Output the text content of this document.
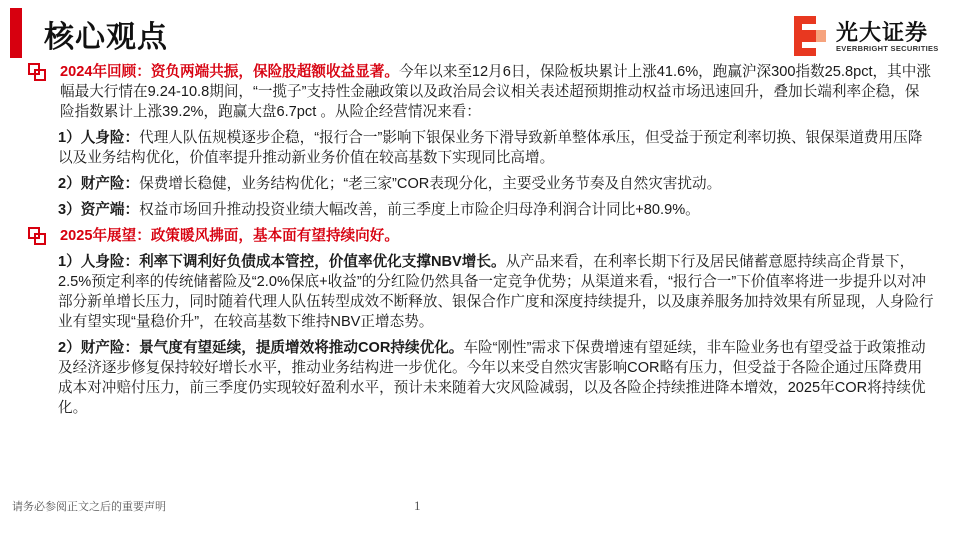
核心观点	光大证券
EVERBRIGHT SECURITIES

2024年回顾：资负两端共振，保险股超额收益显著。今年以来至12月6日，保险板块累计上涨41.6%，跑赢沪深300指数25.8pct，其中涨幅最大行情在9.24-10.8期间，“一揽子”支持性金融政策以及政治局会议相关表述超预期推动权益市场迅速回升，叠加长端利率企稳，保险指数累计上涨39.2%，跑赢大盘6.7pct 。从险企经营情况来看：

1）人身险：代理人队伍规模逐步企稳，“报行合一”影响下银保业务下滑导致新单整体承压，但受益于预定利率切换、银保渠道费用压降以及业务结构优化，价值率提升推动新业务价值在较高基数下实现同比高增。

2）财产险：保费增长稳健，业务结构优化；“老三家”COR表现分化，主要受业务节奏及自然灾害扰动。

3）资产端：权益市场回升推动投资业绩大幅改善，前三季度上市险企归母净利润合计同比+80.9%。

2025年展望：政策暖风拂面，基本面有望持续向好。

1）人身险：利率下调利好负债成本管控，价值率优化支撑NBV增长。从产品来看，在利率长期下行及居民储蓄意愿持续高企背景下，2.5%预定利率的传统储蓄险及“2.0%保底+收益”的分红险仍然具备一定竞争优势；从渠道来看，“报行合一”下价值率将进一步提升以对冲部分新单增长压力，同时随着代理人队伍转型成效不断释放、银保合作广度和深度持续提升，以及康养服务加持效果有所显现，人身险行业有望实现“量稳价升”，在较高基数下维持NBV正增态势。

2）财产险：景气度有望延续，提质增效将推动COR持续优化。车险“刚性”需求下保费增速有望延续，非车险业务也有望受益于政策推动及经济逐步修复保持较好增长水平，推动业务结构进一步优化。今年以来受自然灾害影响COR略有压力，但受益于各险企通过压降费用成本对冲赔付压力，前三季度仍实现较好盈利水平，预计未来随着大灾风险减弱，以及各险企持续推进降本增效，2025年COR将持续优化。

请务必参阅正文之后的重要声明	1
